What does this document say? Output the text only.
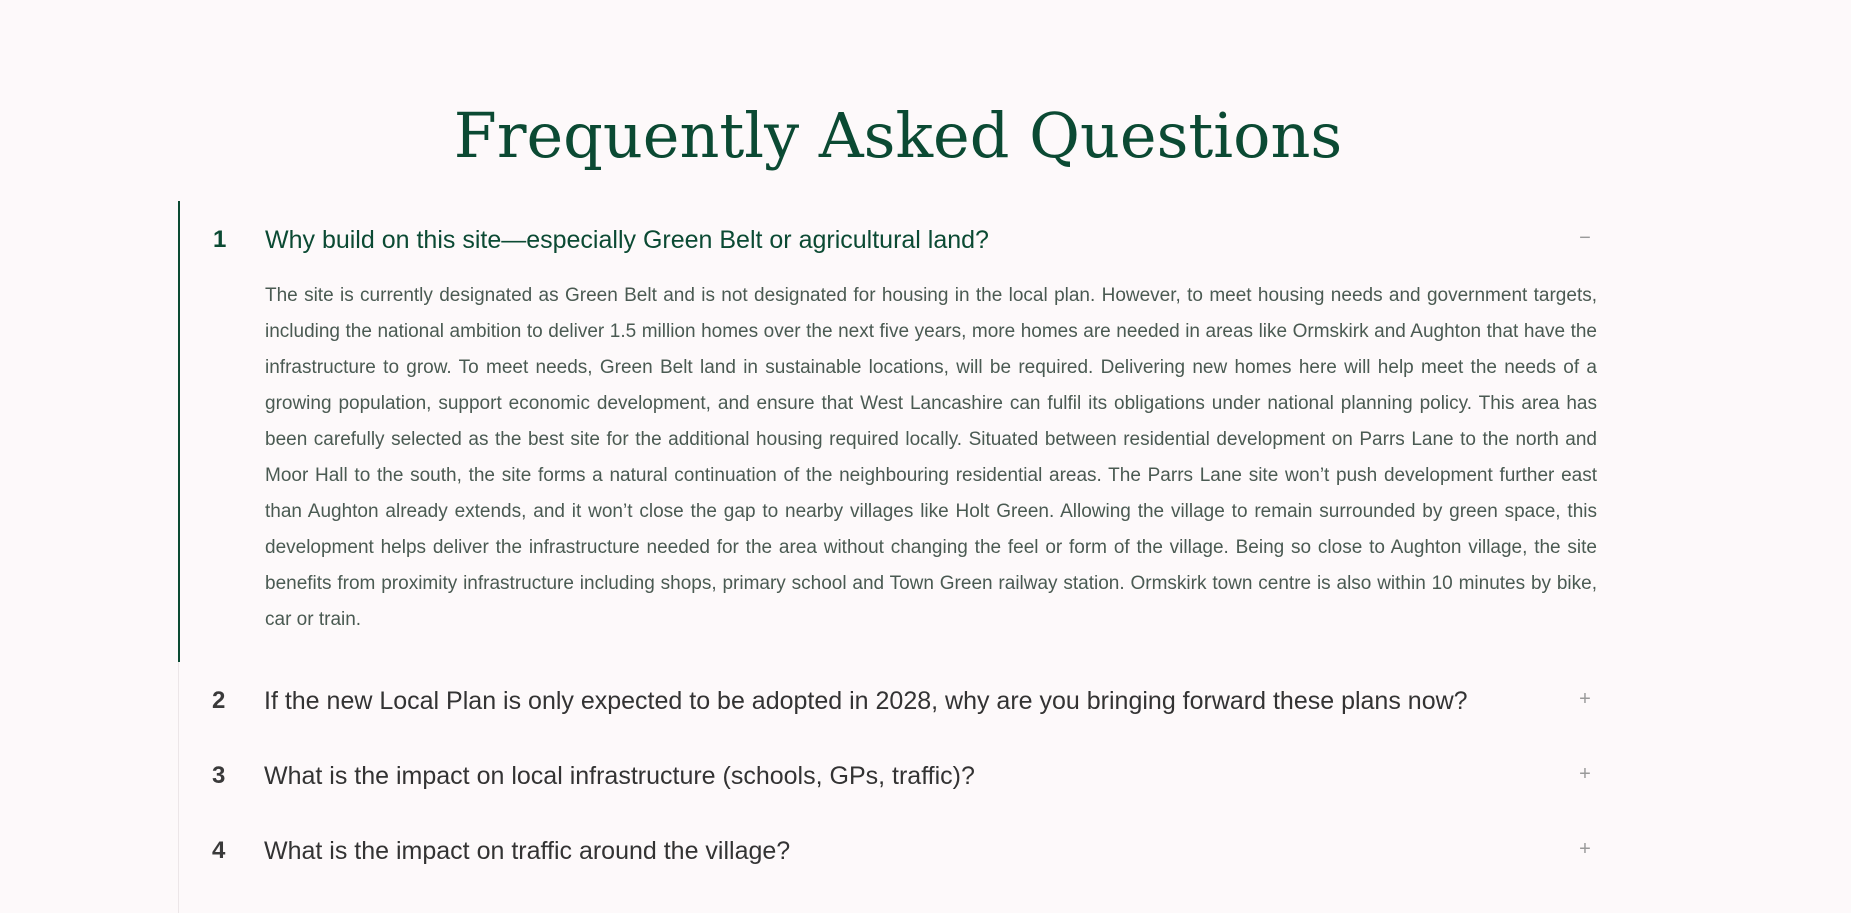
Frequently Asked Questions
1 Why build on this site—especially Green Belt or agricultural land?	−

The site is currently designated as Green Belt and is not designated for housing in the local plan. However, to meet housing needs and government targets, including the national ambition to deliver 1.5 million homes over the next five years, more homes are needed in areas like Ormskirk and Aughton that have the infrastructure to grow. To meet needs, Green Belt land in sustainable locations, will be required. Delivering new homes here will help meet the needs of a growing population, support economic development, and ensure that West Lancashire can fulfil its obligations under national planning policy. This area has been carefully selected as the best site for the additional housing required locally. Situated between residential development on Parrs Lane to the north and Moor Hall to the south, the site forms a natural continuation of the neighbouring residential areas. The Parrs Lane site won’t push development further east than Aughton already extends, and it won’t close the gap to nearby villages like Holt Green. Allowing the village to remain surrounded by green space, this development helps deliver the infrastructure needed for the area without changing the feel or form of the village. Being so close to Aughton village, the site benefits from proximity infrastructure including shops, primary school and Town Green railway station. Ormskirk town centre is also within 10 minutes by bike, car or train.

2 If the new Local Plan is only expected to be adopted in 2028, why are you bringing forward these plans now?	+
3 What is the impact on local infrastructure (schools, GPs, traffic)?	+
4 What is the impact on traffic around the village?	+
